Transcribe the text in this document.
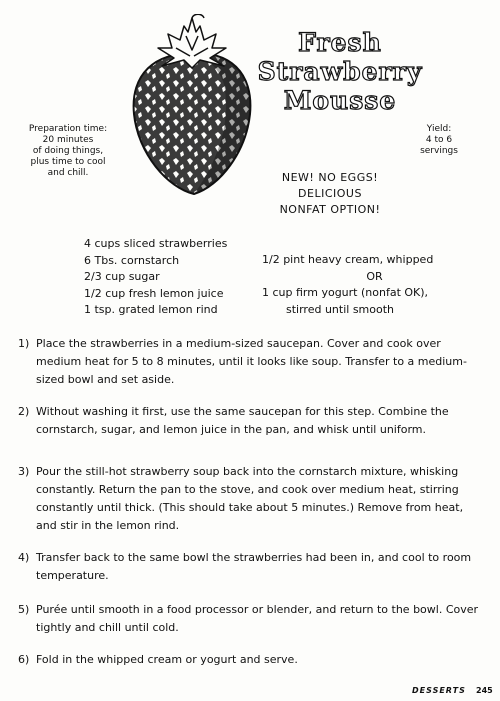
Fresh
Strawberry
Mousse
Preparation time:
20 minutes
of doing things,
plus time to cool
and chill.
Yield:
4 to 6
servings
NEW! NO EGGS!
DELICIOUS
NONFAT OPTION!
4 cups sliced strawberries
6 Tbs. cornstarch
2/3 cup sugar
1/2 cup fresh lemon juice
1 tsp. grated lemon rind
1/2 pint heavy cream, whipped
OR
1 cup firm yogurt (nonfat OK),
stirred until smooth
1) Place the strawberries in a medium-sized saucepan. Cover and cook over medium heat for 5 to 8 minutes, until it looks like soup. Transfer to a medium-sized bowl and set aside.
2) Without washing it first, use the same saucepan for this step. Combine the cornstarch, sugar, and lemon juice in the pan, and whisk until uniform.
3) Pour the still-hot strawberry soup back into the cornstarch mixture, whisking constantly. Return the pan to the stove, and cook over medium heat, stirring constantly until thick. (This should take about 5 minutes.) Remove from heat, and stir in the lemon rind.
4) Transfer back to the same bowl the strawberries had been in, and cool to room temperature.
5) Purée until smooth in a food processor or blender, and return to the bowl. Cover tightly and chill until cold.
6) Fold in the whipped cream or yogurt and serve.
DESSERTS 245
